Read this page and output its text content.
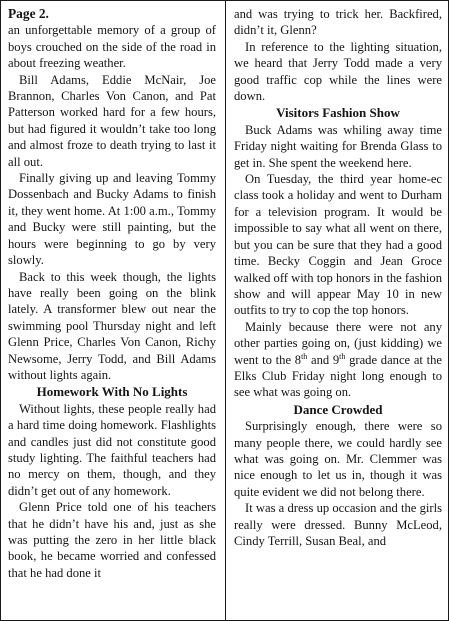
Page 2.

an unforgettable memory of a group of boys crouched on the side of the road in about freezing weather.

Bill Adams, Eddie McNair, Joe Brannon, Charles Von Canon, and Pat Patterson worked hard for a few hours, but had figured it wouldn’t take too long and almost froze to death trying to last it all out.

Finally giving up and leaving Tommy Dossenbach and Bucky Adams to finish it, they went home. At 1:00 a.m., Tommy and Bucky were still painting, but the hours were beginning to go by very slowly.

Back to this week though, the lights have really been going on the blink lately. A transformer blew out near the swimming pool Thursday night and left Glenn Price, Charles Von Canon, Richy Newsome, Jerry Todd, and Bill Adams without lights again.

Homework With No Lights

Without lights, these people really had a hard time doing homework. Flashlights and candles just did not constitute good study lighting. The faithful teachers had no mercy on them, though, and they didn’t get out of any homework.

Glenn Price told one of his teachers that he didn’t have his and, just as she was putting the zero in her little black book, he became worried and confessed that he had done it

and was trying to trick her. Backfired, didn’t it, Glenn?

In reference to the lighting situation, we heard that Jerry Todd made a very good traffic cop while the lines were down.

Visitors Fashion Show

Buck Adams was whiling away time Friday night waiting for Brenda Glass to get in. She spent the weekend here.

On Tuesday, the third year home-ec class took a holiday and went to Durham for a television program. It would be impossible to say what all went on there, but you can be sure that they had a good time. Becky Coggin and Jean Groce walked off with top honors in the fashion show and will appear May 10 in new outfits to try to cop the top honors.

Mainly because there were not any other parties going on, (just kidding) we went to the 8th and 9th grade dance at the Elks Club Friday night long enough to see what was going on.

Dance Crowded

Surprisingly enough, there were so many people there, we could hardly see what was going on. Mr. Clemmer was nice enough to let us in, though it was quite evident we did not belong there.

It was a dress up occasion and the girls really were dressed. Bunny McLeod, Cindy Terrill, Susan Beal, and
